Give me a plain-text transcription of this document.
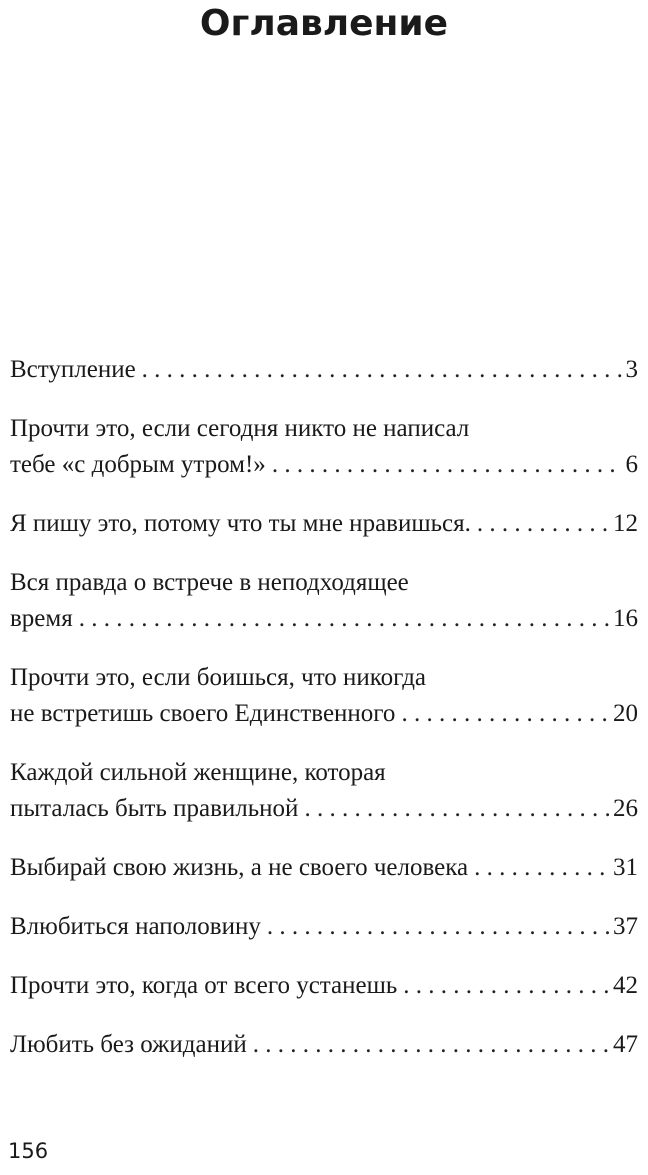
Оглавление
Вступление . . .	3
Прочти это, если сегодня никто не написал
тебе «с добрым утром!» . . .	6
Я пишу это, потому что ты мне нравишься. . . .	12
Вся правда о встрече в неподходящее
время . . .	16
Прочти это, если боишься, что никогда
не встретишь своего Единственного . . .	20
Каждой сильной женщине, которая
пыталась быть правильной . . .	26
Выбирай свою жизнь, а не своего человека . . .	31
Влюбиться наполовину . . .	37
Прочти это, когда от всего устанешь . . .	42
Любить без ожиданий . . .	47
156
